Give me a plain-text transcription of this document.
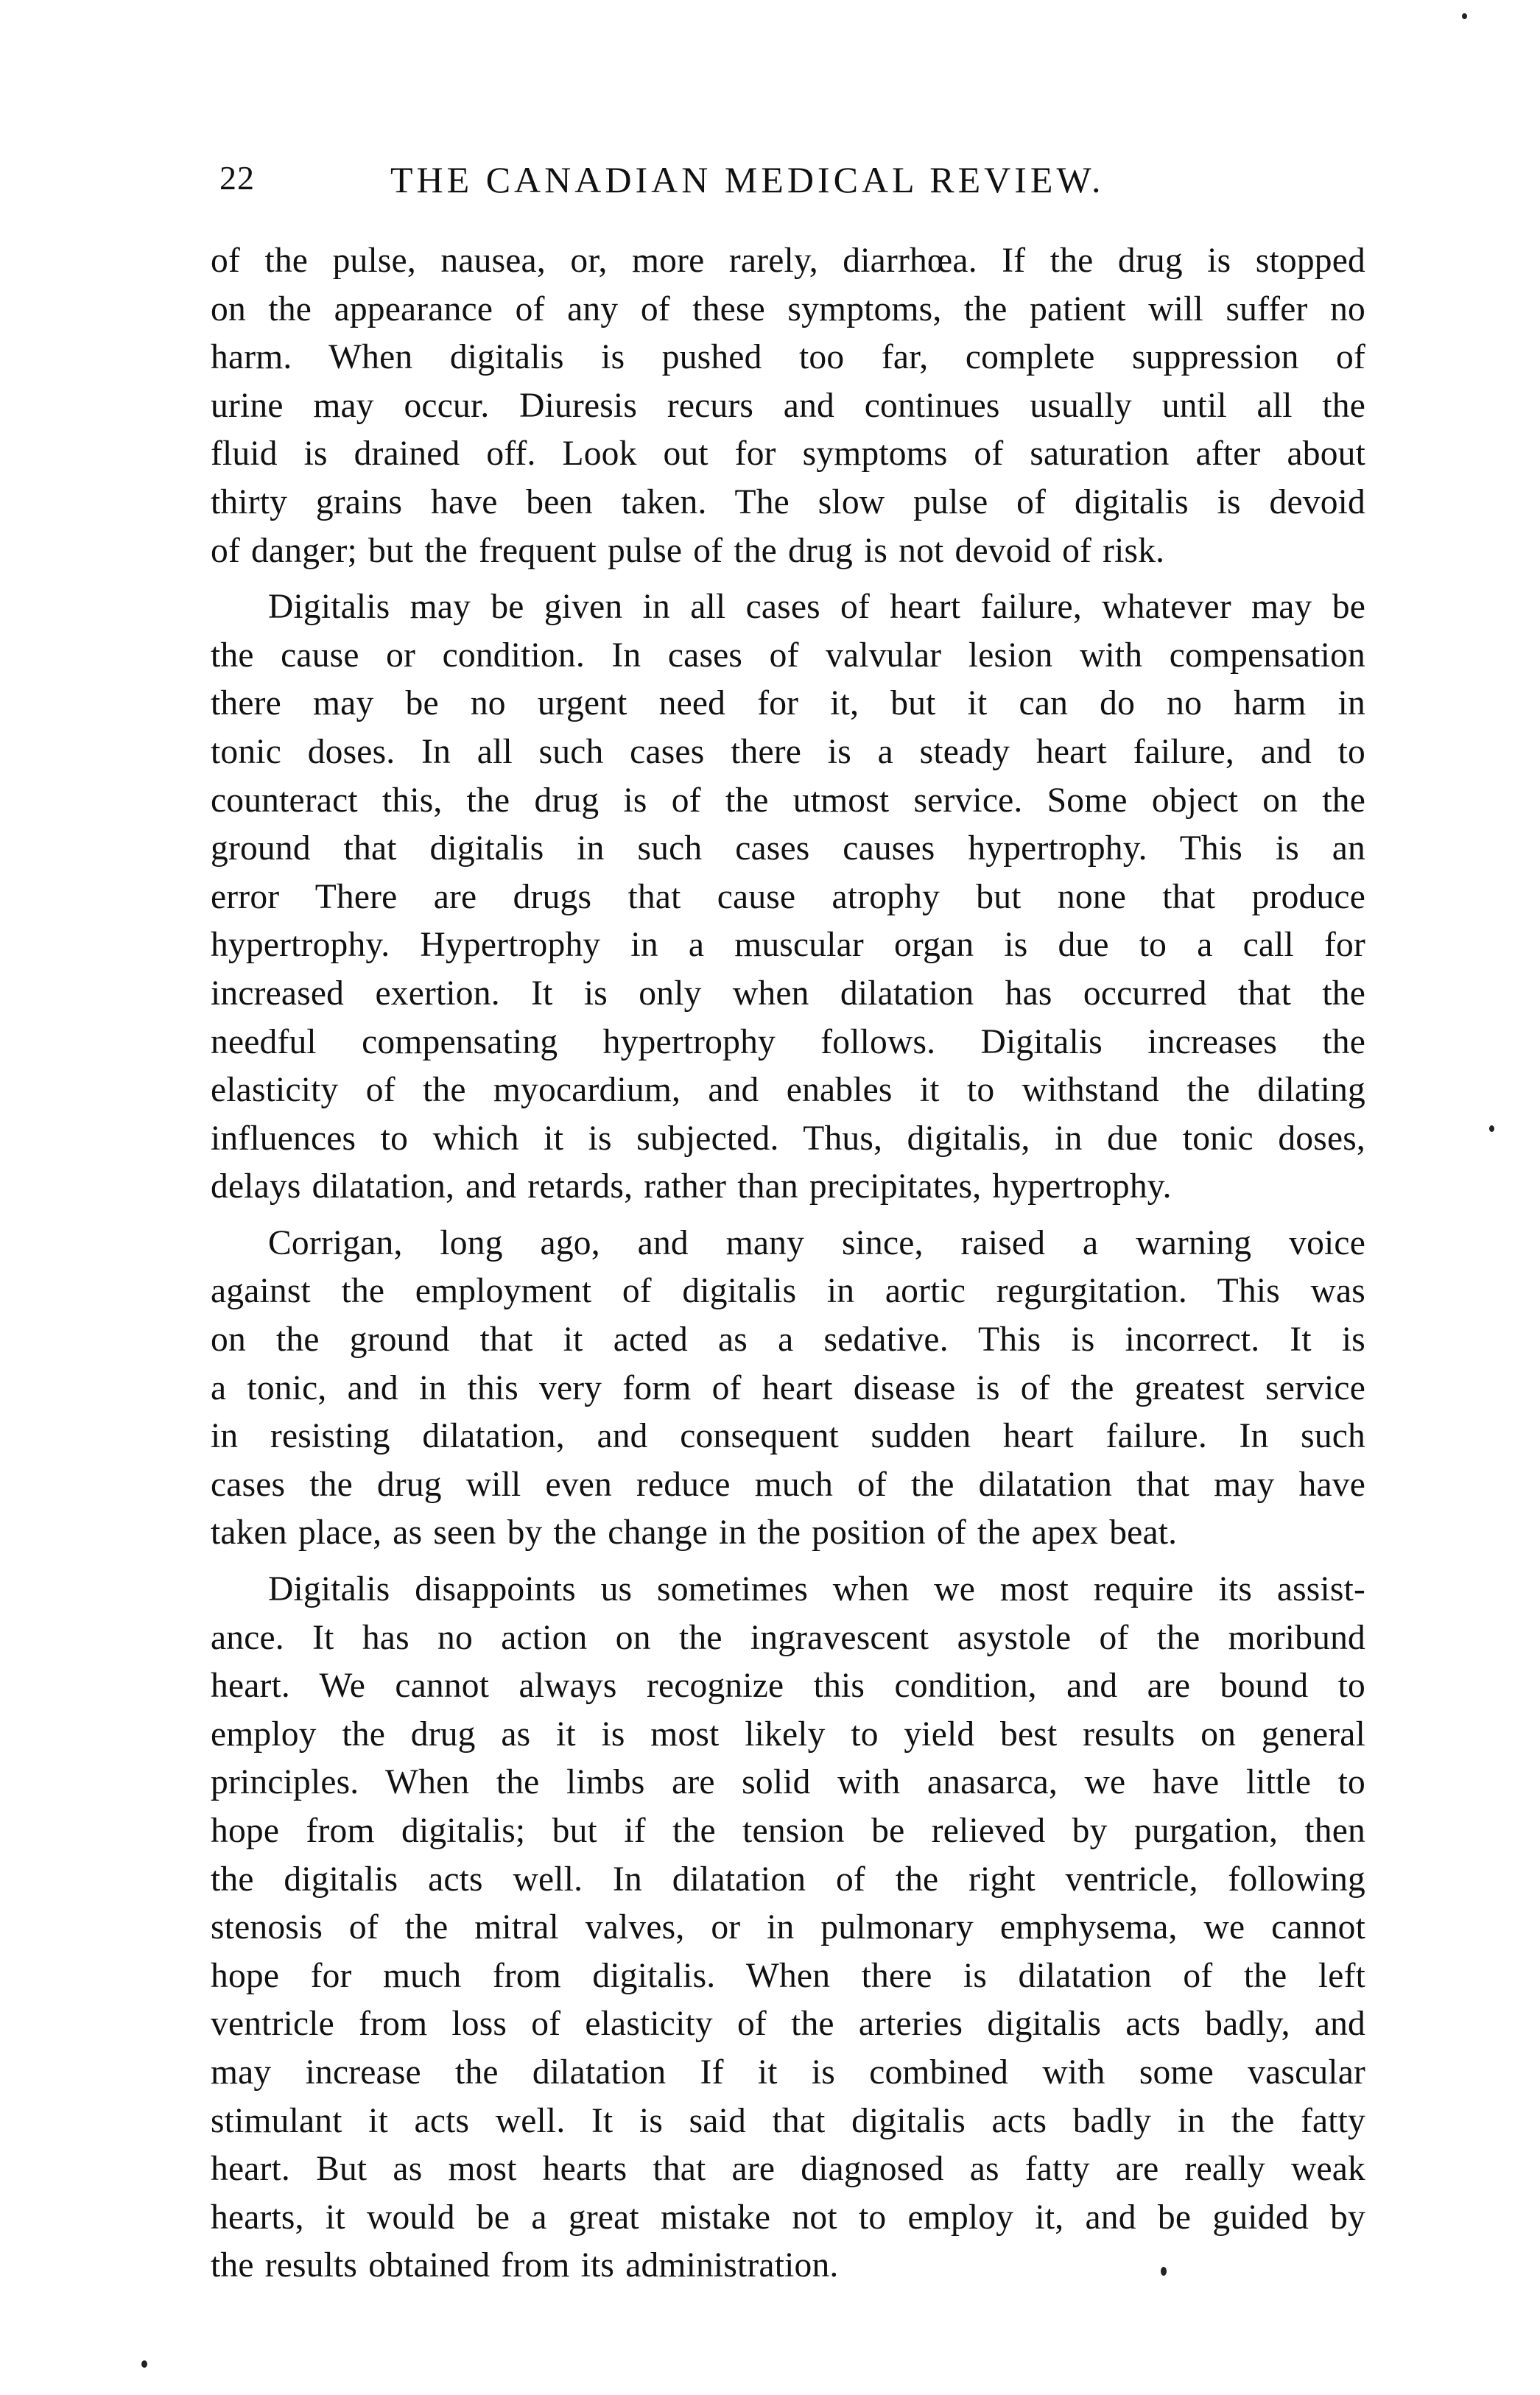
22	THE CANADIAN MEDICAL REVIEW.

of the pulse, nausea, or, more rarely, diarrhœa. If the drug is stopped
on the appearance of any of these symptoms, the patient will suffer no
harm. When digitalis is pushed too far, complete suppression of
urine may occur. Diuresis recurs and continues usually until all the
fluid is drained off. Look out for symptoms of saturation after about
thirty grains have been taken. The slow pulse of digitalis is devoid
of danger; but the frequent pulse of the drug is not devoid of risk.

Digitalis may be given in all cases of heart failure, whatever may be
the cause or condition. In cases of valvular lesion with compensation
there may be no urgent need for it, but it can do no harm in
tonic doses. In all such cases there is a steady heart failure, and to
counteract this, the drug is of the utmost service. Some object on the
ground that digitalis in such cases causes hypertrophy. This is an
error There are drugs that cause atrophy but none that produce
hypertrophy. Hypertrophy in a muscular organ is due to a call for
increased exertion. It is only when dilatation has occurred that the
needful compensating hypertrophy follows. Digitalis increases the
elasticity of the myocardium, and enables it to withstand the dilating
influences to which it is subjected. Thus, digitalis, in due tonic doses,
delays dilatation, and retards, rather than precipitates, hypertrophy.

Corrigan, long ago, and many since, raised a warning voice
against the employment of digitalis in aortic regurgitation. This was
on the ground that it acted as a sedative. This is incorrect. It is
a tonic, and in this very form of heart disease is of the greatest service
in resisting dilatation, and consequent sudden heart failure. In such
cases the drug will even reduce much of the dilatation that may have
taken place, as seen by the change in the position of the apex beat.

Digitalis disappoints us sometimes when we most require its assist-
ance. It has no action on the ingravescent asystole of the moribund
heart. We cannot always recognize this condition, and are bound to
employ the drug as it is most likely to yield best results on general
principles. When the limbs are solid with anasarca, we have little to
hope from digitalis; but if the tension be relieved by purgation, then
the digitalis acts well. In dilatation of the right ventricle, following
stenosis of the mitral valves, or in pulmonary emphysema, we cannot
hope for much from digitalis. When there is dilatation of the left
ventricle from loss of elasticity of the arteries digitalis acts badly, and
may increase the dilatation If it is combined with some vascular
stimulant it acts well. It is said that digitalis acts badly in the fatty
heart. But as most hearts that are diagnosed as fatty are really weak
hearts, it would be a great mistake not to employ it, and be guided by
the results obtained from its administration.
